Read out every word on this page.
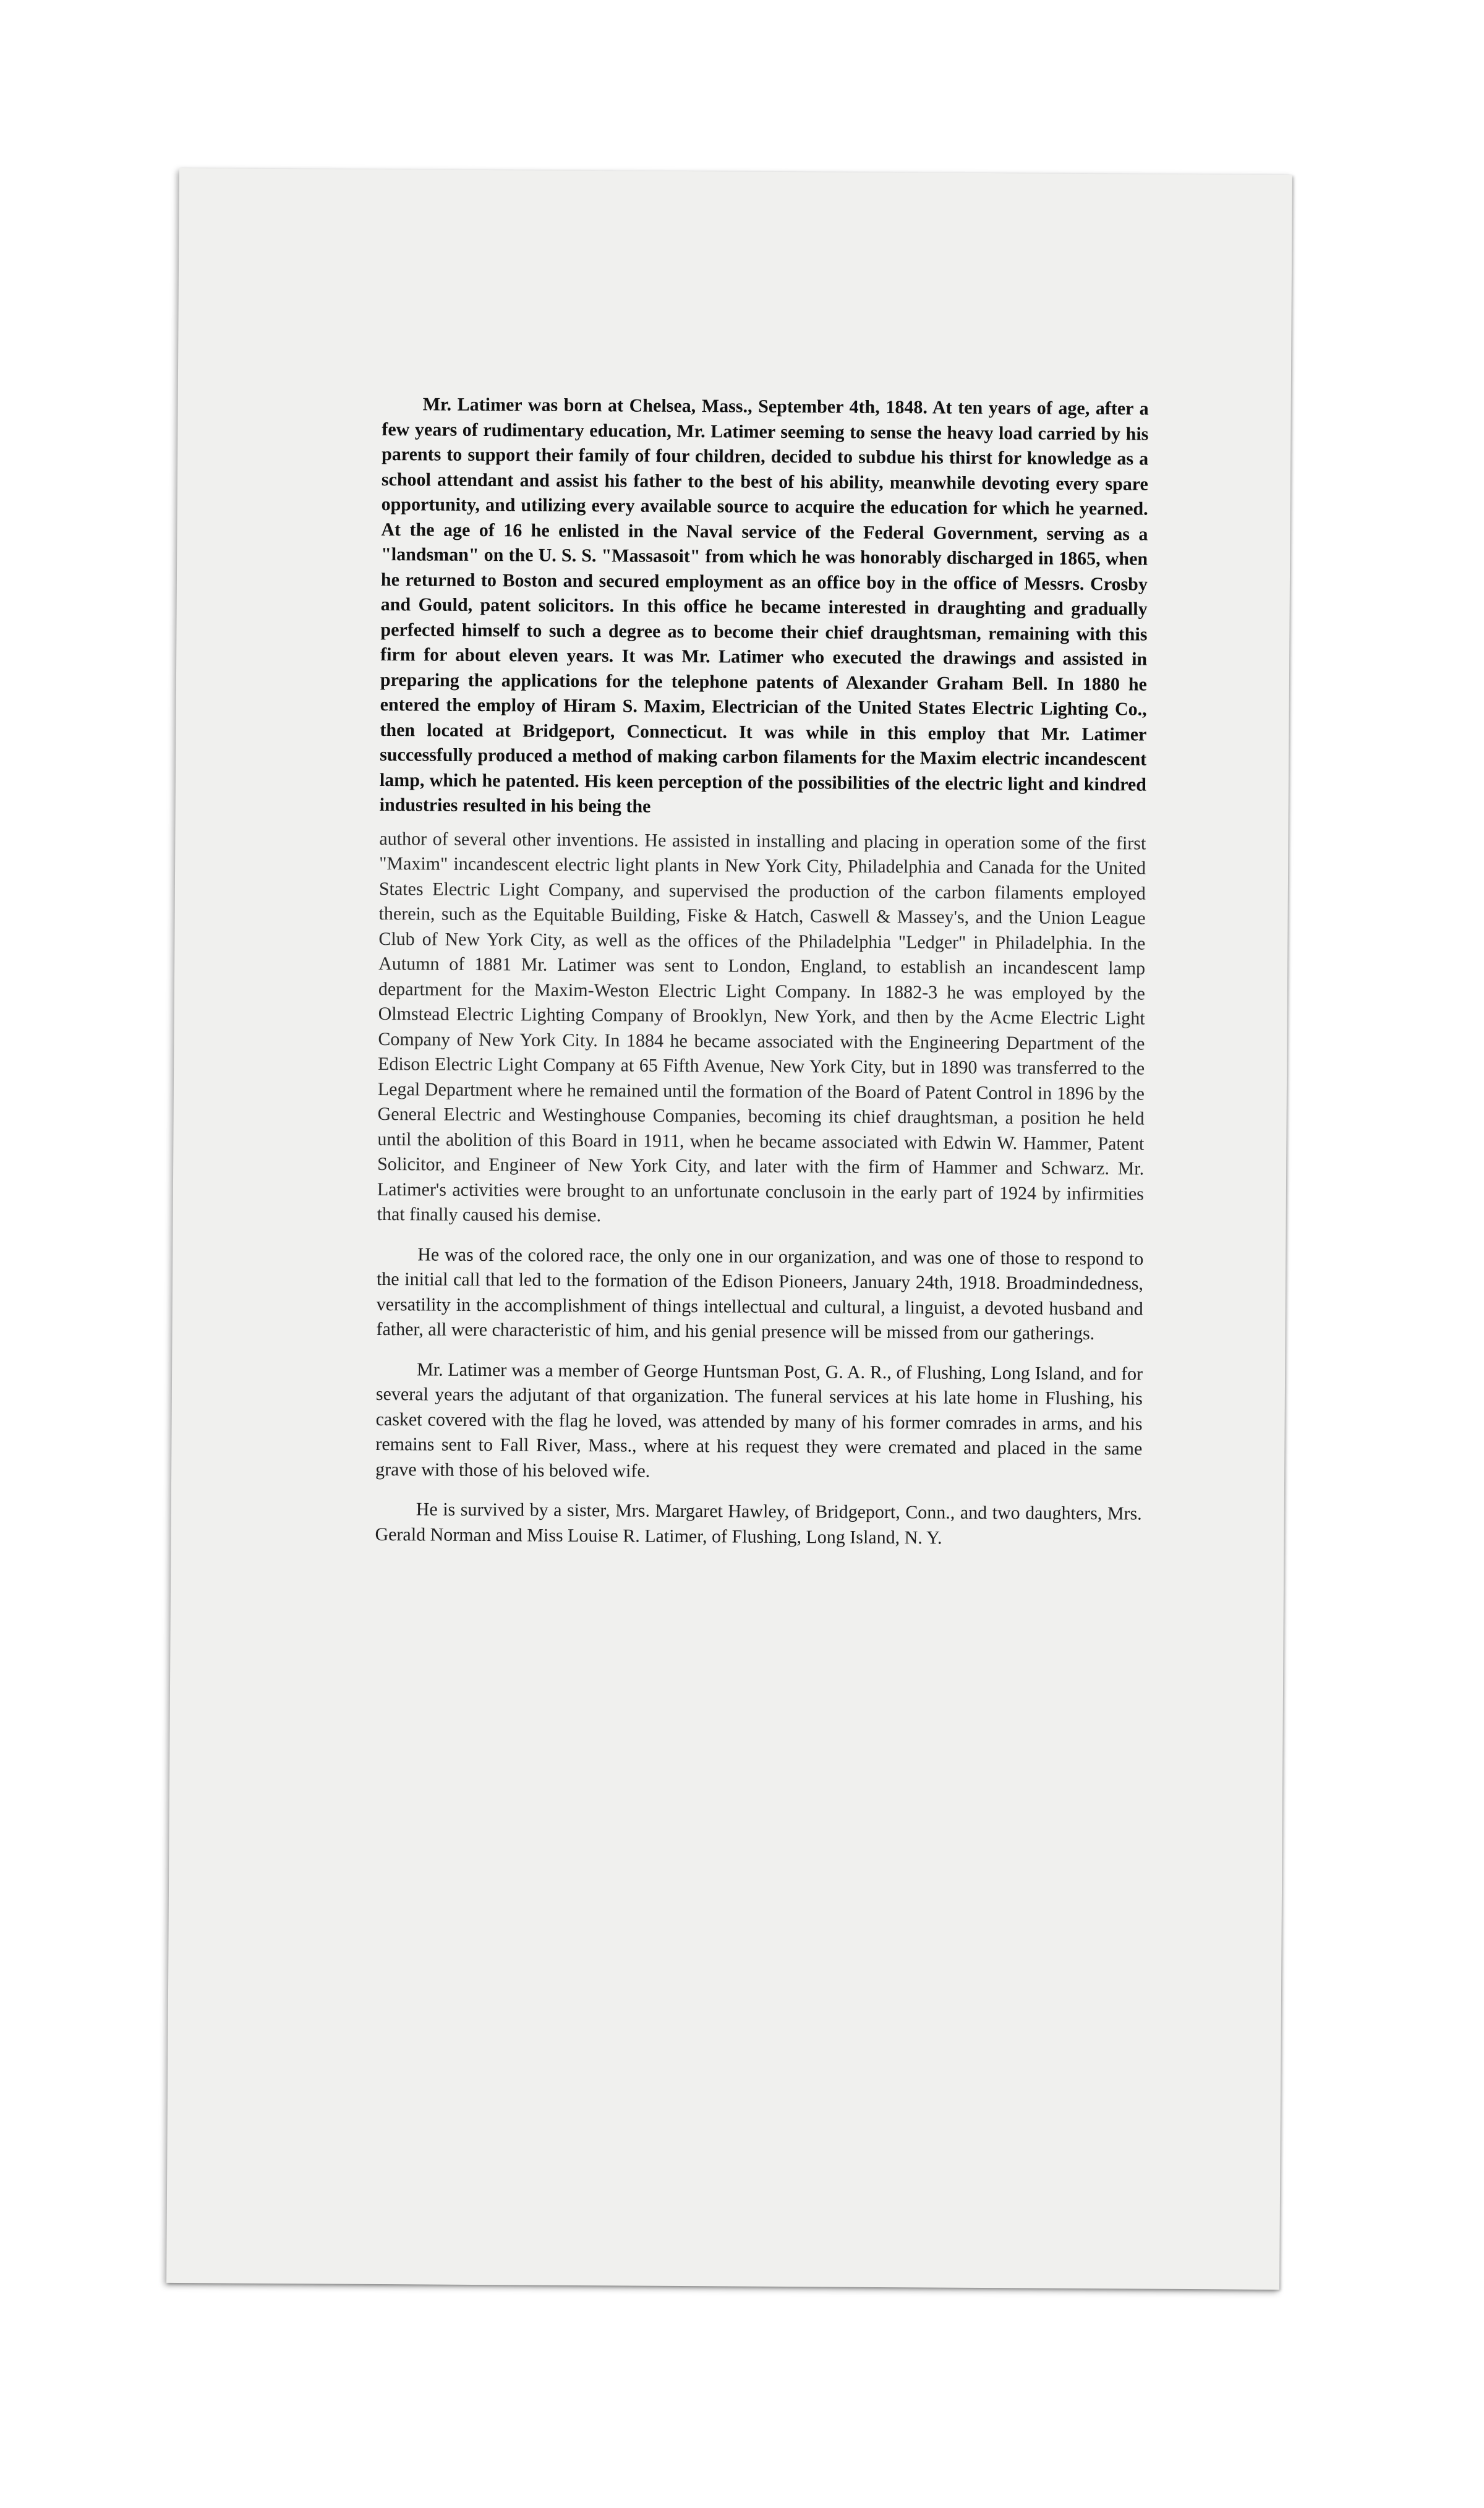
Mr. Latimer was born at Chelsea, Mass., September 4th, 1848. At ten years of age, after a few years of rudimentary education, Mr. Latimer seeming to sense the heavy load carried by his parents to support their family of four children, decided to subdue his thirst for knowledge as a school attendant and assist his father to the best of his ability, meanwhile devoting every spare opportunity, and utilizing every available source to acquire the education for which he yearned. At the age of 16 he enlisted in the Naval service of the Federal Government, serving as a "landsman" on the U. S. S. "Massasoit" from which he was honorably discharged in 1865, when he returned to Boston and secured employment as an office boy in the office of Messrs. Crosby and Gould, patent solicitors. In this office he became interested in draughting and gradually perfected himself to such a degree as to become their chief draughtsman, remaining with this firm for about eleven years. It was Mr. Latimer who executed the drawings and assisted in preparing the applications for the telephone patents of Alexander Graham Bell. In 1880 he entered the employ of Hiram S. Maxim, Electrician of the United States Electric Lighting Co., then located at Bridgeport, Connecticut. It was while in this employ that Mr. Latimer successfully produced a method of making carbon filaments for the Maxim electric incandescent lamp, which he patented. His keen perception of the possibilities of the electric light and kindred industries resulted in his being the

author of several other inventions. He assisted in installing and placing in operation some of the first "Maxim" incandescent electric light plants in New York City, Philadelphia and Canada for the United States Electric Light Company, and supervised the production of the carbon filaments employed therein, such as the Equitable Building, Fiske & Hatch, Caswell & Massey's, and the Union League Club of New York City, as well as the offices of the Philadelphia "Ledger" in Philadelphia. In the Autumn of 1881 Mr. Latimer was sent to London, England, to establish an incandescent lamp department for the Maxim-Weston Electric Light Company. In 1882-3 he was employed by the Olmstead Electric Lighting Company of Brooklyn, New York, and then by the Acme Electric Light Company of New York City. In 1884 he became associated with the Engineering Department of the Edison Electric Light Company at 65 Fifth Avenue, New York City, but in 1890 was transferred to the Legal Department where he remained until the formation of the Board of Patent Control in 1896 by the General Electric and Westinghouse Companies, becoming its chief draughtsman, a position he held until the abolition of this Board in 1911, when he became associated with Edwin W. Hammer, Patent Solicitor, and Engineer of New York City, and later with the firm of Hammer and Schwarz. Mr. Latimer's activities were brought to an unfortunate conclusoin in the early part of 1924 by infirmities that finally caused his demise.

He was of the colored race, the only one in our organization, and was one of those to respond to the initial call that led to the formation of the Edison Pioneers, January 24th, 1918. Broadmindedness, versatility in the accomplishment of things intellectual and cultural, a linguist, a devoted husband and father, all were characteristic of him, and his genial presence will be missed from our gatherings.

Mr. Latimer was a member of George Huntsman Post, G. A. R., of Flushing, Long Island, and for several years the adjutant of that organization. The funeral services at his late home in Flushing, his casket covered with the flag he loved, was attended by many of his former comrades in arms, and his remains sent to Fall River, Mass., where at his request they were cremated and placed in the same grave with those of his beloved wife.

He is survived by a sister, Mrs. Margaret Hawley, of Bridgeport, Conn., and two daughters, Mrs. Gerald Norman and Miss Louise R. Latimer, of Flushing, Long Island, N. Y.
